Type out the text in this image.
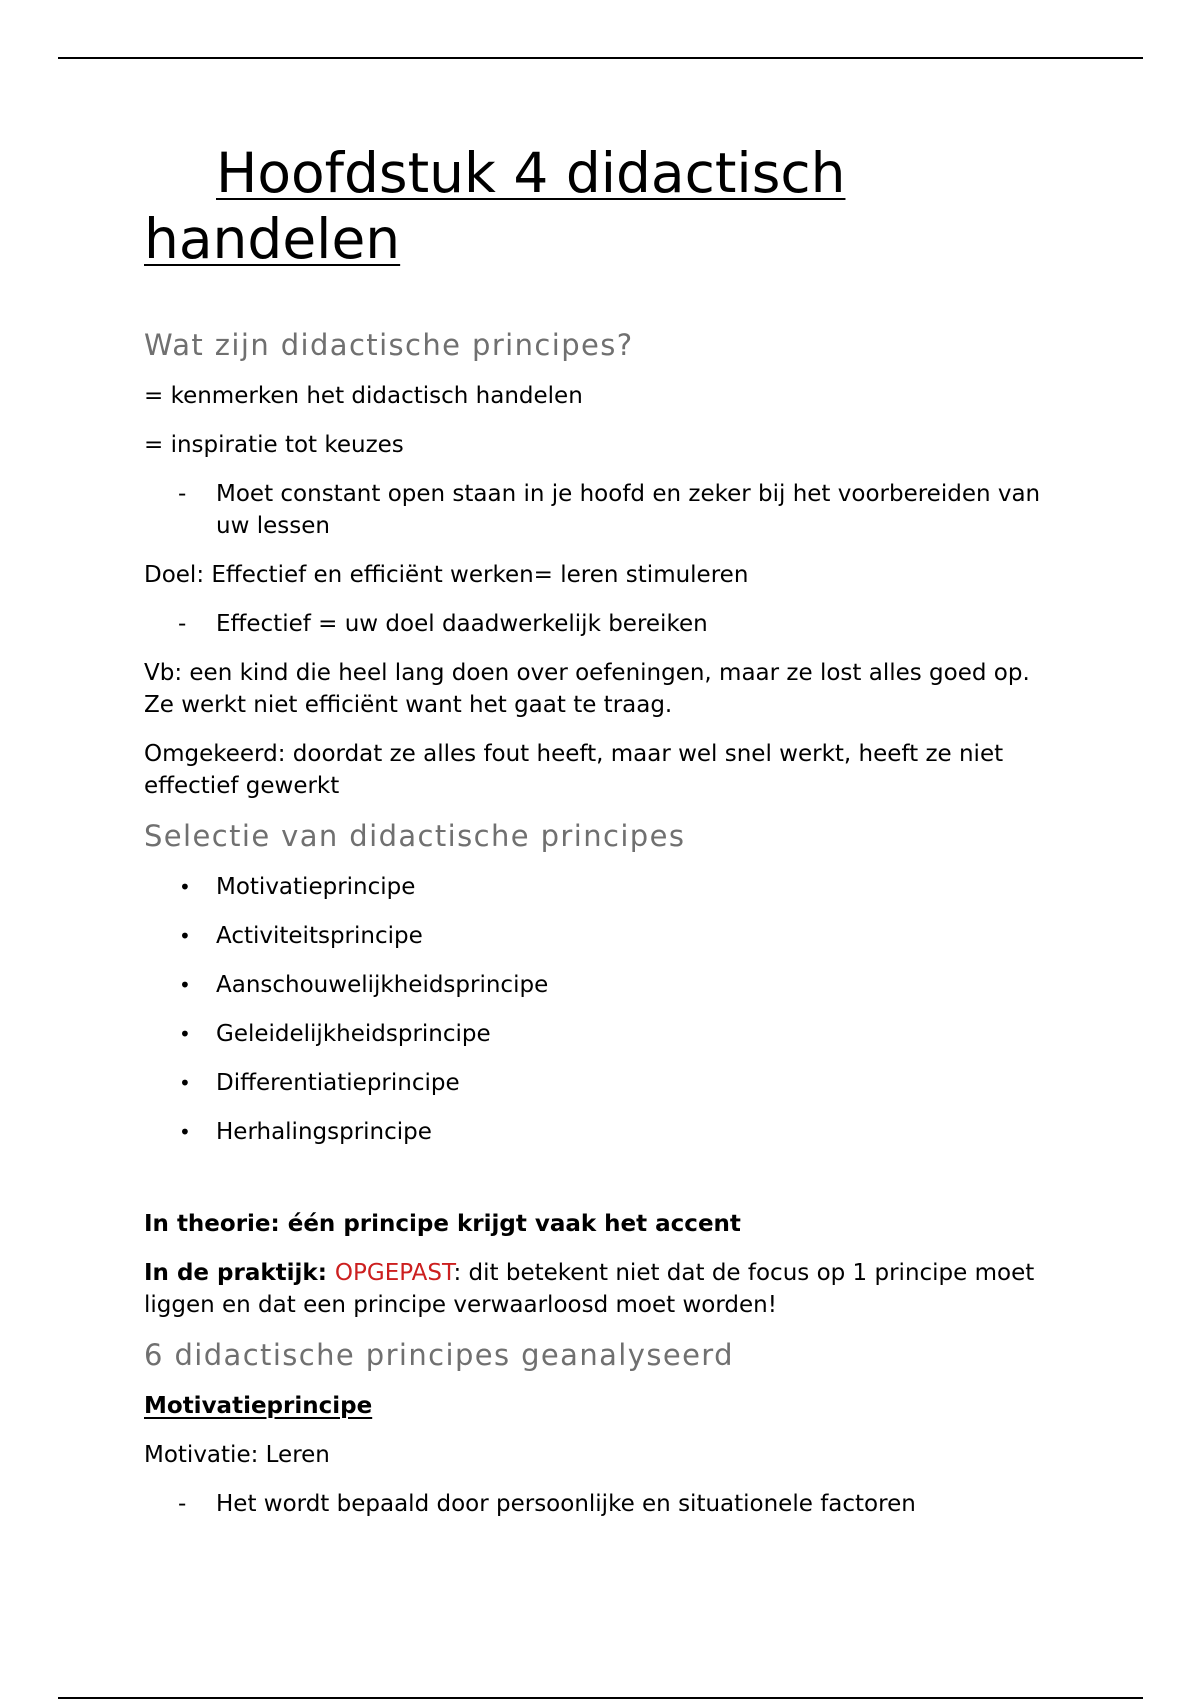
Hoofdstuk 4 didactisch
handelen
Wat zijn didactische principes?

= kenmerken het didactisch handelen

= inspiratie tot keuzes

- Moet constant open staan in je hoofd en zeker bij het voorbereiden van uw lessen

Doel: Effectief en efficiënt werken= leren stimuleren

- Effectief = uw doel daadwerkelijk bereiken

Vb: een kind die heel lang doen over oefeningen, maar ze lost alles goed op. Ze werkt niet efficiënt want het gaat te traag.

Omgekeerd: doordat ze alles fout heeft, maar wel snel werkt, heeft ze niet effectief gewerkt

Selectie van didactische principes
• Motivatieprincipe
• Activiteitsprincipe
• Aanschouwelijkheidsprincipe
• Geleidelijkheidsprincipe
• Differentiatieprincipe
• Herhalingsprincipe

In theorie: één principe krijgt vaak het accent

In de praktijk: OPGEPAST: dit betekent niet dat de focus op 1 principe moet liggen en dat een principe verwaarloosd moet worden!

6 didactische principes geanalyseerd

Motivatieprincipe

Motivatie: Leren

- Het wordt bepaald door persoonlijke en situationele factoren
